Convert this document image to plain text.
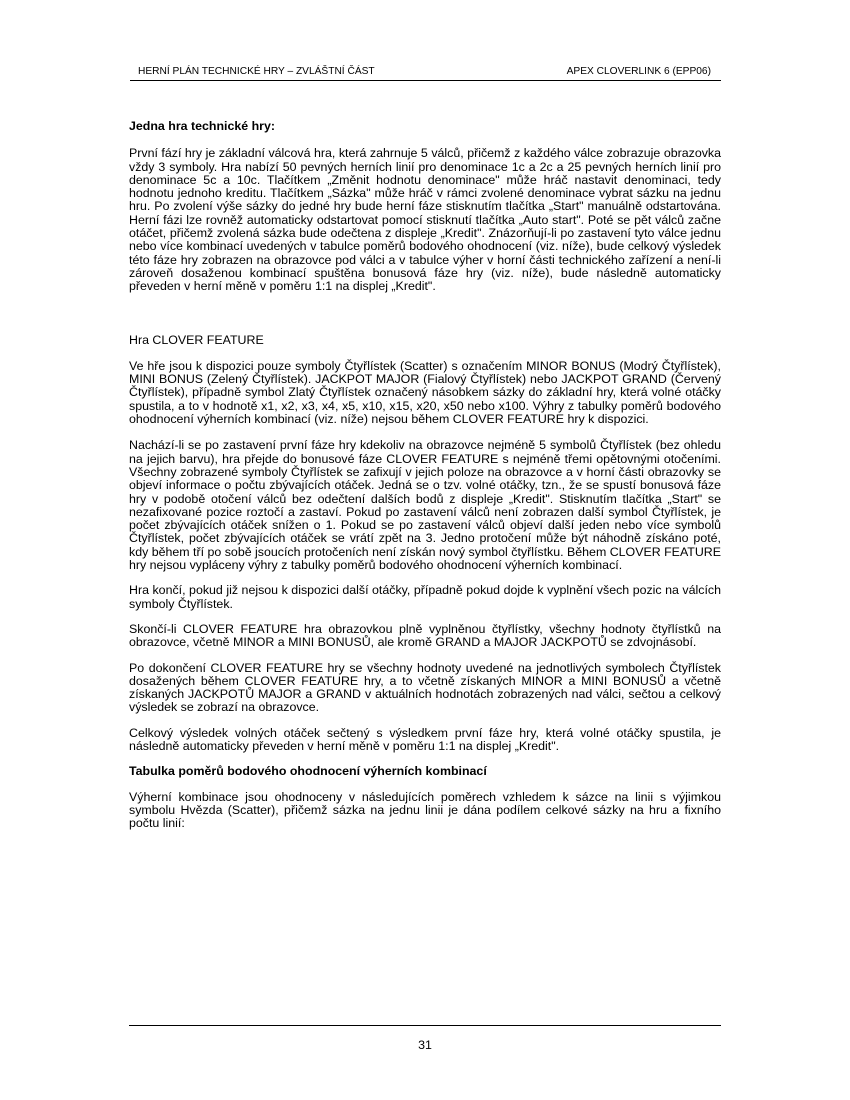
HERNÍ PLÁN TECHNICKÉ HRY – ZVLÁŠTNÍ ČÁST	APEX CLOVERLINK 6 (EPP06)

Jedna hra technické hry:

První fází hry je základní válcová hra, která zahrnuje 5 válců, přičemž z každého válce zobrazuje obrazovka vždy 3 symboly. Hra nabízí 50 pevných herních linií pro denominace 1c a 2c a 25 pevných herních linií pro denominace 5c a 10c. Tlačítkem „Změnit hodnotu denominace" může hráč nastavit denominaci, tedy hodnotu jednoho kreditu. Tlačítkem „Sázka" může hráč v rámci zvolené denominace vybrat sázku na jednu hru. Po zvolení výše sázky do jedné hry bude herní fáze stisknutím tlačítka „Start" manuálně odstartována. Herní fázi lze rovněž automaticky odstartovat pomocí stisknutí tlačítka „Auto start". Poté se pět válců začne otáčet, přičemž zvolená sázka bude odečtena z displeje „Kredit". Znázorňují-li po zastavení tyto válce jednu nebo více kombinací uvedených v tabulce poměrů bodového ohodnocení (viz. níže), bude celkový výsledek této fáze hry zobrazen na obrazovce pod válci a v tabulce výher v horní části technického zařízení a není-li zároveň dosaženou kombinací spuštěna bonusová fáze hry (viz. níže), bude následně automaticky převeden v herní měně v poměru 1:1 na displej „Kredit".

Hra CLOVER FEATURE

Ve hře jsou k dispozici pouze symboly Čtyřlístek (Scatter) s označením MINOR BONUS (Modrý Čtyřlístek), MINI BONUS (Zelený Čtyřlístek). JACKPOT MAJOR (Fialový Čtyřlístek) nebo JACKPOT GRAND (Červený Čtyřlístek), případně symbol Zlatý Čtyřlístek označený násobkem sázky do základní hry, která volné otáčky spustila, a to v hodnotě x1, x2, x3, x4, x5, x10, x15, x20, x50 nebo x100. Výhry z tabulky poměrů bodového ohodnocení výherních kombinací (viz. níže) nejsou během CLOVER FEATURE hry k dispozici.

Nachází-li se po zastavení první fáze hry kdekoliv na obrazovce nejméně 5 symbolů Čtyřlístek (bez ohledu na jejich barvu), hra přejde do bonusové fáze CLOVER FEATURE s nejméně třemi opětovnými otočeními. Všechny zobrazené symboly Čtyřlístek se zafixují v jejich poloze na obrazovce a v horní části obrazovky se objeví informace o počtu zbývajících otáček. Jedná se o tzv. volné otáčky, tzn., že se spustí bonusová fáze hry v podobě otočení válců bez odečtení dalších bodů z displeje „Kredit". Stisknutím tlačítka „Start" se nezafixované pozice roztočí a zastaví. Pokud po zastavení válců není zobrazen další symbol Čtyřlístek, je počet zbývajících otáček snížen o 1. Pokud se po zastavení válců objeví další jeden nebo více symbolů Čtyřlístek, počet zbývajících otáček se vrátí zpět na 3. Jedno protočení může být náhodně získáno poté, kdy během tří po sobě jsoucích protočeních není získán nový symbol čtyřlístku. Během CLOVER FEATURE hry nejsou vypláceny výhry z tabulky poměrů bodového ohodnocení výherních kombinací.

Hra končí, pokud již nejsou k dispozici další otáčky, případně pokud dojde k vyplnění všech pozic na válcích symboly Čtyřlístek.

Skončí-li CLOVER FEATURE hra obrazovkou plně vyplněnou čtyřlístky, všechny hodnoty čtyřlístků na obrazovce, včetně MINOR a MINI BONUSŮ, ale kromě GRAND a MAJOR JACKPOTŮ se zdvojnásobí.

Po dokončení CLOVER FEATURE hry se všechny hodnoty uvedené na jednotlivých symbolech Čtyřlístek dosažených během CLOVER FEATURE hry, a to včetně získaných MINOR a MINI BONUSŮ a včetně získaných JACKPOTŮ MAJOR a GRAND v aktuálních hodnotách zobrazených nad válci, sečtou a celkový výsledek se zobrazí na obrazovce.

Celkový výsledek volných otáček sečtený s výsledkem první fáze hry, která volné otáčky spustila, je následně automaticky převeden v herní měně v poměru 1:1 na displej „Kredit".

Tabulka poměrů bodového ohodnocení výherních kombinací

Výherní kombinace jsou ohodnoceny v následujících poměrech vzhledem k sázce na linii s výjimkou symbolu Hvězda (Scatter), přičemž sázka na jednu linii je dána podílem celkové sázky na hru a fixního počtu linií:

31
